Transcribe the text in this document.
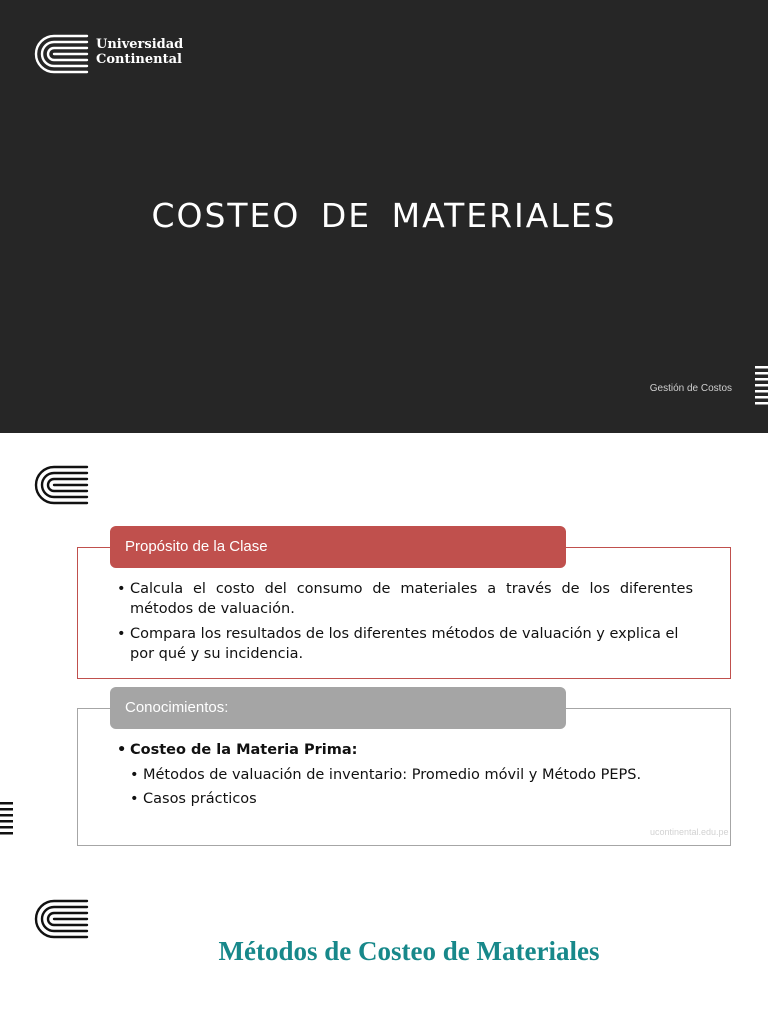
Universidad
Continental
COSTEO DE MATERIALES
Gestión de Costos
Propósito de la Clase
• Calcula el costo del consumo de materiales a través de los diferentes métodos de valuación.
• Compara los resultados de los diferentes métodos de valuación y explica el por qué y su incidencia.
Conocimientos:
• Costeo de la Materia Prima:
• Métodos de valuación de inventario: Promedio móvil y Método PEPS.
• Casos prácticos
ucontinental.edu.pe
Métodos de Costeo de Materiales
